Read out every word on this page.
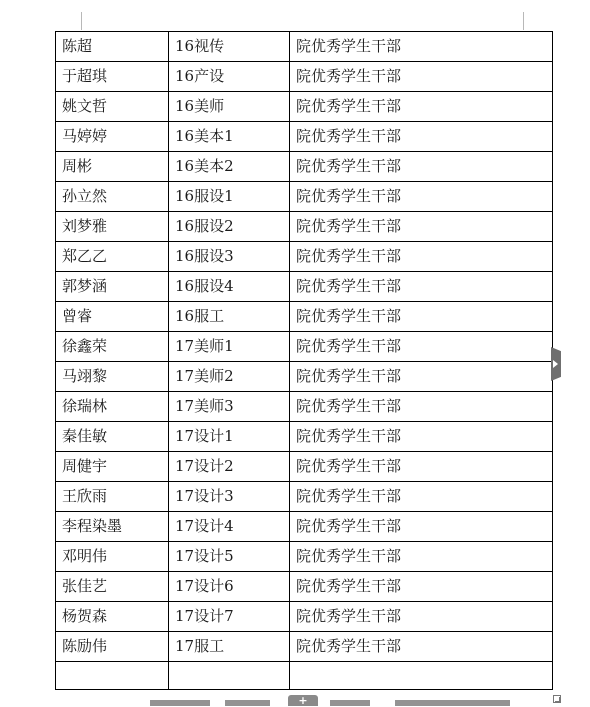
陈超	16视传	院优秀学生干部
于超琪	16产设	院优秀学生干部
姚文哲	16美师	院优秀学生干部
马婷婷	16美本1	院优秀学生干部
周彬	16美本2	院优秀学生干部
孙立然	16服设1	院优秀学生干部
刘梦雅	16服设2	院优秀学生干部
郑乙乙	16服设3	院优秀学生干部
郭梦涵	16服设4	院优秀学生干部
曾睿	16服工	院优秀学生干部
徐鑫荣	17美师1	院优秀学生干部
马翊黎	17美师2	院优秀学生干部
徐瑞林	17美师3	院优秀学生干部
秦佳敏	17设计1	院优秀学生干部
周健宇	17设计2	院优秀学生干部
王欣雨	17设计3	院优秀学生干部
李程染墨	17设计4	院优秀学生干部
邓明伟	17设计5	院优秀学生干部
张佳艺	17设计6	院优秀学生干部
杨贺森	17设计7	院优秀学生干部
陈励伟	17服工	院优秀学生干部

+
